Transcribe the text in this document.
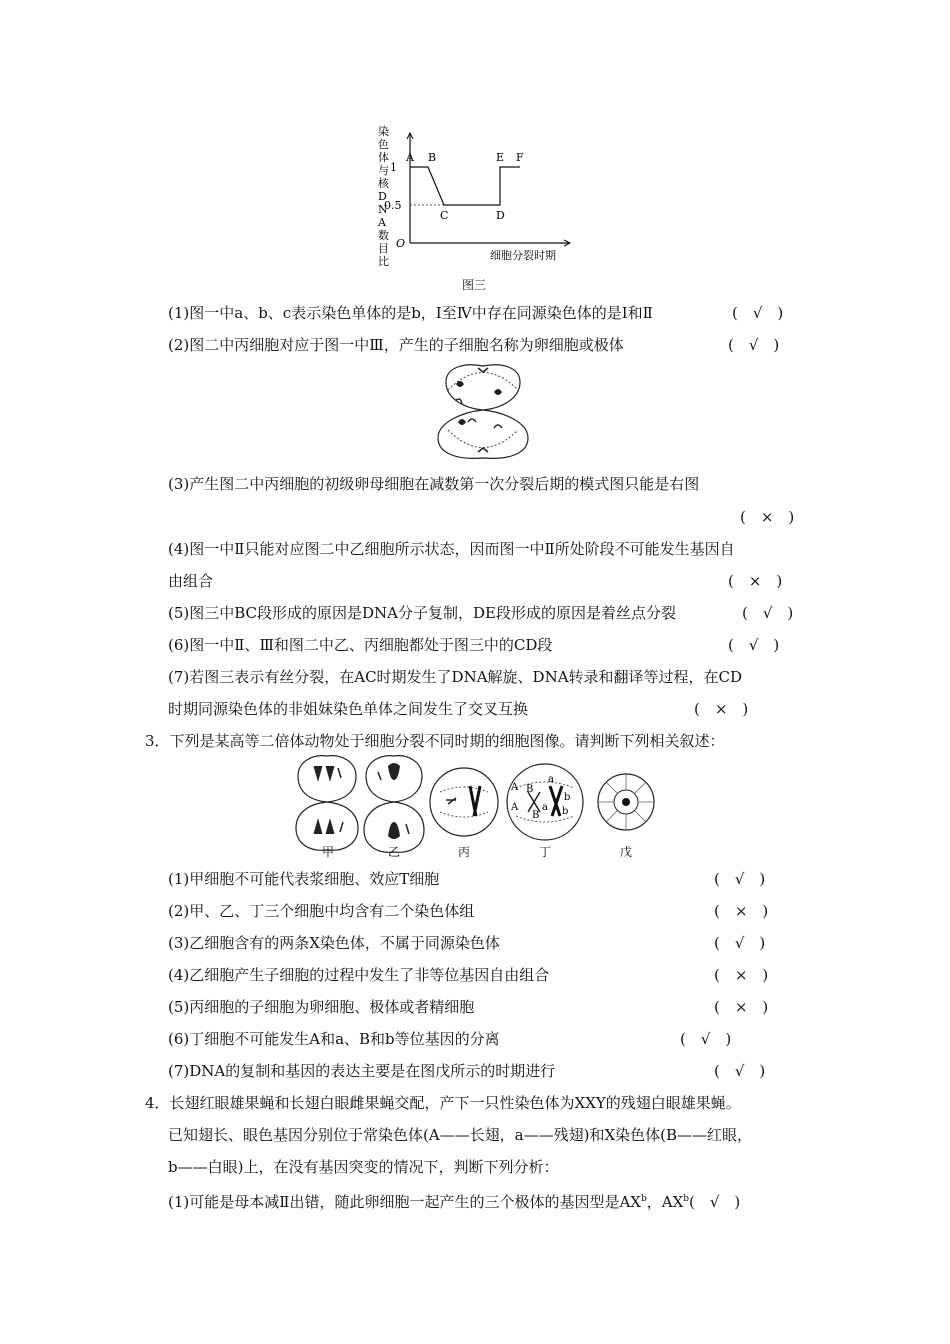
染色体与核 D N A 数目比
1
0.5
O
细胞分裂时期
A B
C	D
E F
图三
(1)图一中a、b、c表示染色单体的是b，Ⅰ至Ⅳ中存在同源染色体的是Ⅰ和Ⅱ	(　√　)
(2)图二中丙细胞对应于图一中Ⅲ，产生的子细胞名称为卵细胞或极体	(　√　)
(3)产生图二中丙细胞的初级卵母细胞在减数第一次分裂后期的模式图只能是右图
(　×　)
(4)图一中Ⅱ只能对应图二中乙细胞所示状态，因而图一中Ⅱ所处阶段不可能发生基因自
由组合	(　×　)
(5)图三中BC段形成的原因是DNA分子复制，DE段形成的原因是着丝点分裂	(　√　)
(6)图一中Ⅱ、Ⅲ和图二中乙、丙细胞都处于图三中的CD段	(　√　)
(7)若图三表示有丝分裂，在AC时期发生了DNA解旋、DNA转录和翻译等过程，在CD
时期同源染色体的非姐妹染色单体之间发生了交叉互换	(　×　)
3．下列是某高等二倍体动物处于细胞分裂不同时期的细胞图像。请判断下列相关叙述：
A B
a
A
b
B b
a
甲	乙	丙	丁	戊
(1)甲细胞不可能代表浆细胞、效应T细胞	(　√　)
(2)甲、乙、丁三个细胞中均含有二个染色体组	(　×　)
(3)乙细胞含有的两条X染色体，不属于同源染色体	(　√　)
(4)乙细胞产生子细胞的过程中发生了非等位基因自由组合	(　×　)
(5)丙细胞的子细胞为卵细胞、极体或者精细胞	(　×　)
(6)丁细胞不可能发生A和a、B和b等位基因的分离	(　√　)
(7)DNA的复制和基因的表达主要是在图戊所示的时期进行	(　√　)
4．长翅红眼雄果蝇和长翅白眼雌果蝇交配，产下一只性染色体为XXY的残翅白眼雄果蝇。
已知翅长、眼色基因分别位于常染色体(A——长翅，a——残翅)和X染色体(B——红眼，
b——白眼)上，在没有基因突变的情况下，判断下列分析：
(1)可能是母本减Ⅱ出错，随此卵细胞一起产生的三个极体的基因型是$AX^b$，$AX^b$(　√　)
